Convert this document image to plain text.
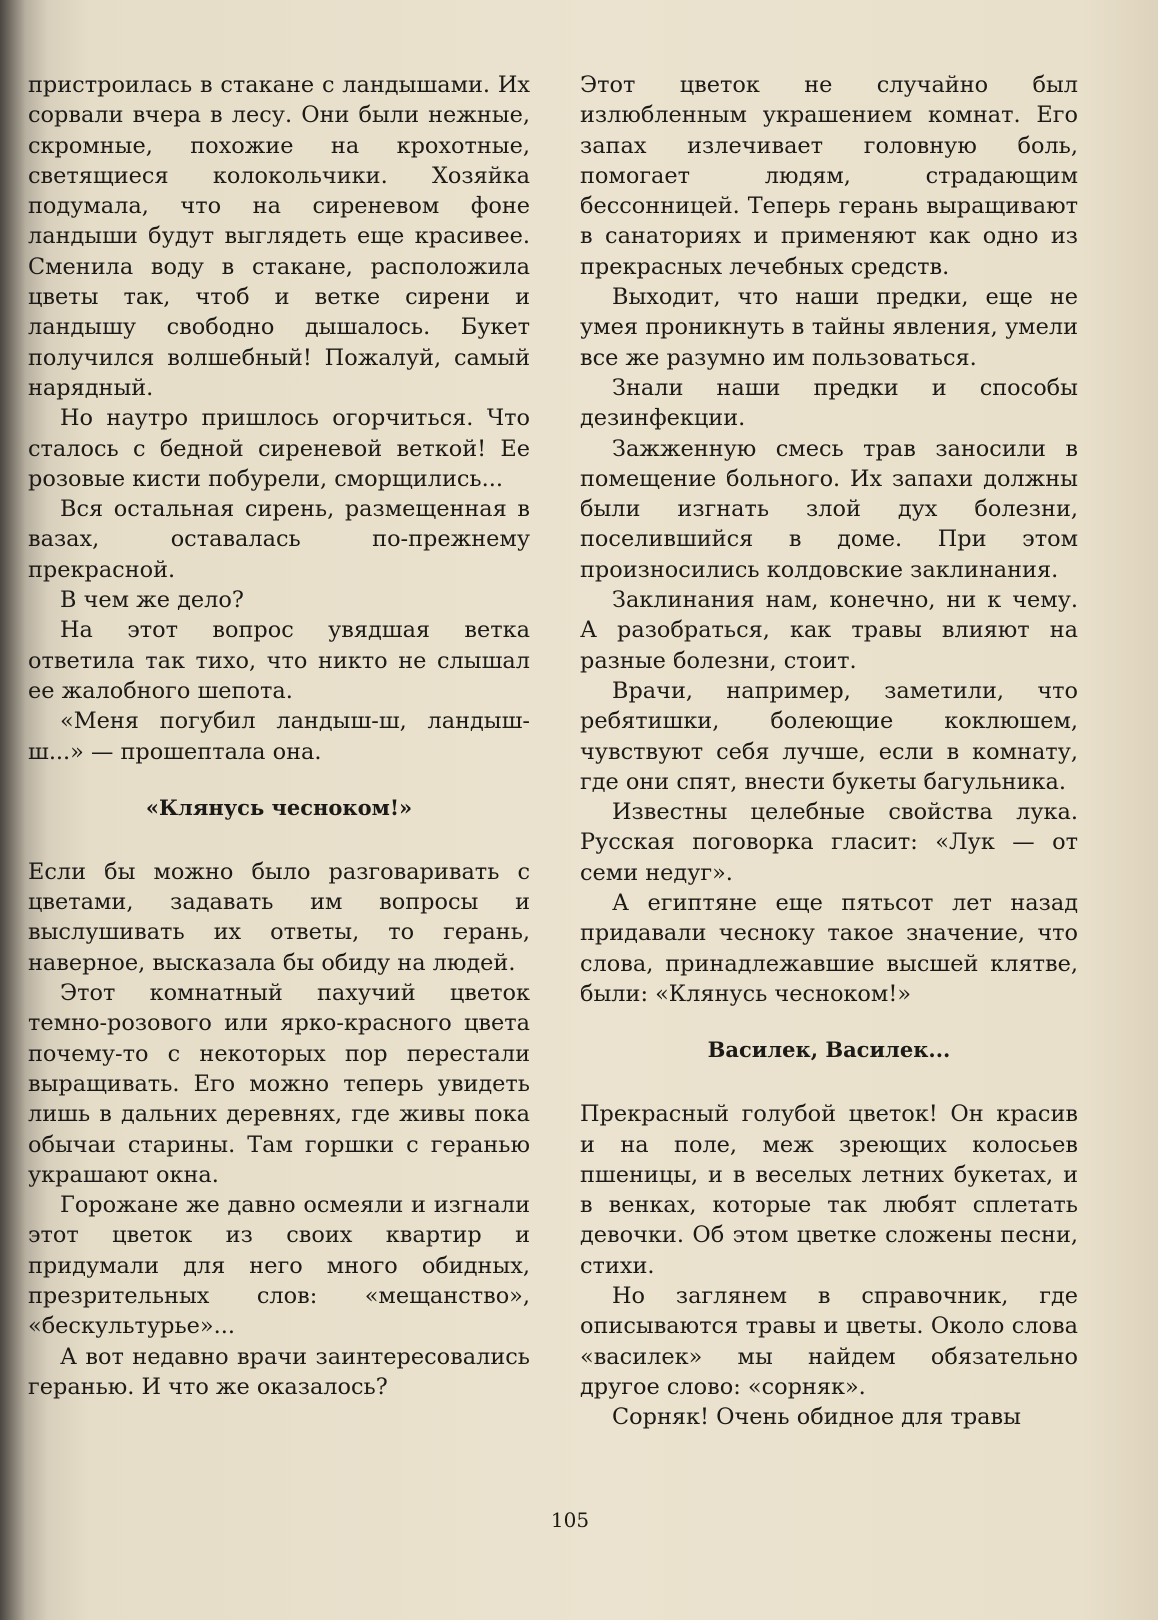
пристроилась в стакане с ландышами. Их сорвали вчера в лесу. Они были нежные, скромные, похожие на крохотные, светящиеся колокольчики. Хозяйка подумала, что на сиреневом фоне ландыши будут выглядеть еще красивее. Сменила воду в стакане, расположила цветы так, чтоб и ветке сирени и ландышу свободно дышалось. Букет получился волшебный! Пожалуй, самый нарядный.

Но наутро пришлось огорчиться. Что сталось с бедной сиреневой веткой! Ее розовые кисти побурели, сморщились...

Вся остальная сирень, размещенная в вазах, оставалась по-прежнему прекрасной.

В чем же дело?

На этот вопрос увядшая ветка ответила так тихо, что никто не слышал ее жалобного шепота.

«Меня погубил ландыш-ш, ландыш-ш...» — прошептала она.

«Клянусь чесноком!»

Если бы можно было разговаривать с цветами, задавать им вопросы и выслушивать их ответы, то герань, наверное, высказала бы обиду на людей.

Этот комнатный пахучий цветок темно-розового или ярко-красного цвета почему-то с некоторых пор перестали выращивать. Его можно теперь увидеть лишь в дальних деревнях, где живы пока обычаи старины. Там горшки с геранью украшают окна.

Горожане же давно осмеяли и изгнали этот цветок из своих квартир и придумали для него много обидных, презрительных слов: «мещанство», «бескультурье»...

А вот недавно врачи заинтересовались геранью. И что же оказалось?

Этот цветок не случайно был излюбленным украшением комнат. Его запах излечивает головную боль, помогает людям, страдающим бессонницей. Теперь герань выращивают в санаториях и применяют как одно из прекрасных лечебных средств.

Выходит, что наши предки, еще не умея проникнуть в тайны явления, умели все же разумно им пользоваться.

Знали наши предки и способы дезинфекции.

Зажженную смесь трав заносили в помещение больного. Их запахи должны были изгнать злой дух болезни, поселившийся в доме. При этом произносились колдовские заклинания.

Заклинания нам, конечно, ни к чему. А разобраться, как травы влияют на разные болезни, стоит.

Врачи, например, заметили, что ребятишки, болеющие коклюшем, чувствуют себя лучше, если в комнату, где они спят, внести букеты багульника.

Известны целебные свойства лука. Русская поговорка гласит: «Лук — от семи недуг».

А египтяне еще пятьсот лет назад придавали чесноку такое значение, что слова, принадлежавшие высшей клятве, были: «Клянусь чесноком!»

Василек, Василек...

Прекрасный голубой цветок! Он красив и на поле, меж зреющих колосьев пшеницы, и в веселых летних букетах, и в венках, которые так любят сплетать девочки. Об этом цветке сложены песни, стихи.

Но заглянем в справочник, где описываются травы и цветы. Около слова «василек» мы найдем обязательно другое слово: «сорняк».

Сорняк! Очень обидное для травы

105
